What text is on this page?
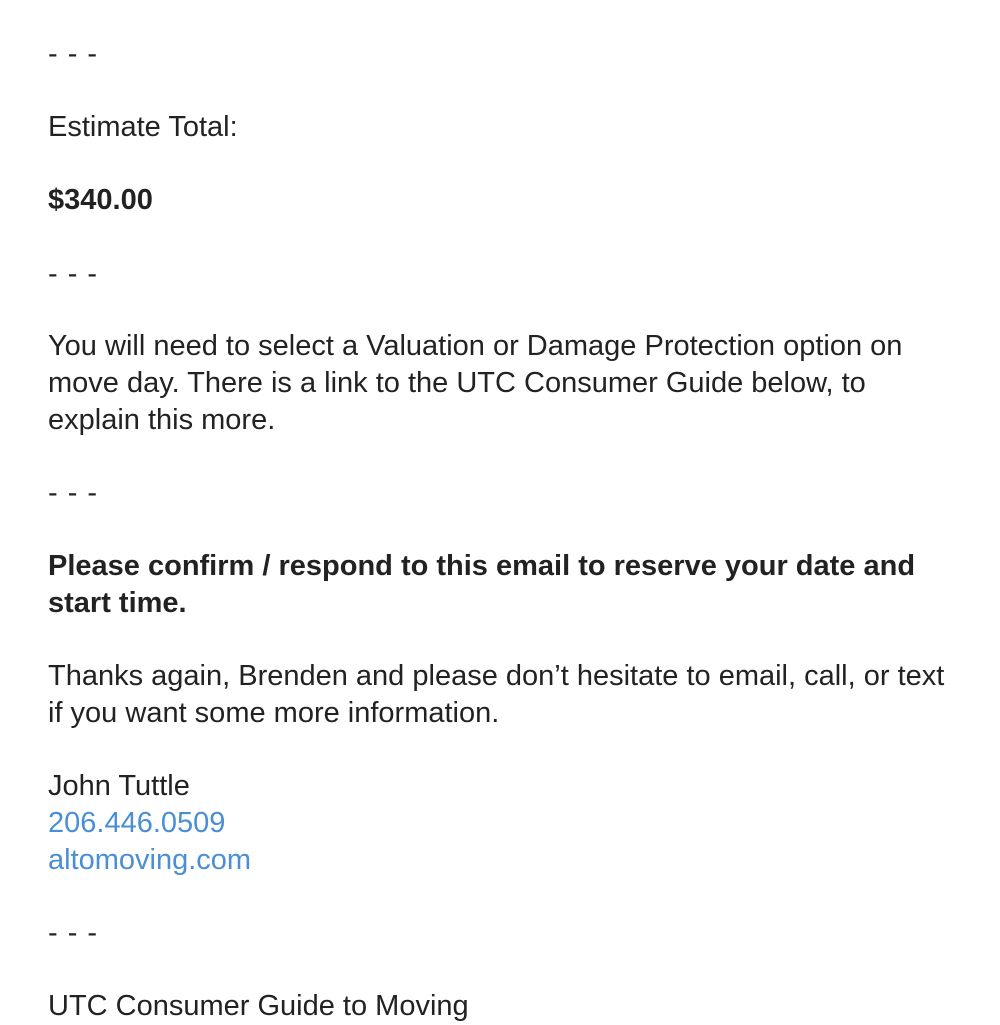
- - -

Estimate Total:

$340.00

- - -

You will need to select a Valuation or Damage Protection option on move day. There is a link to the UTC Consumer Guide below, to explain this more.

- - -

Please confirm / respond to this email to reserve your date and start time.

Thanks again, Brenden and please don’t hesitate to email, call, or text if you want some more information.

John Tuttle
206.446.0509
altomoving.com

- - -

UTC Consumer Guide to Moving
